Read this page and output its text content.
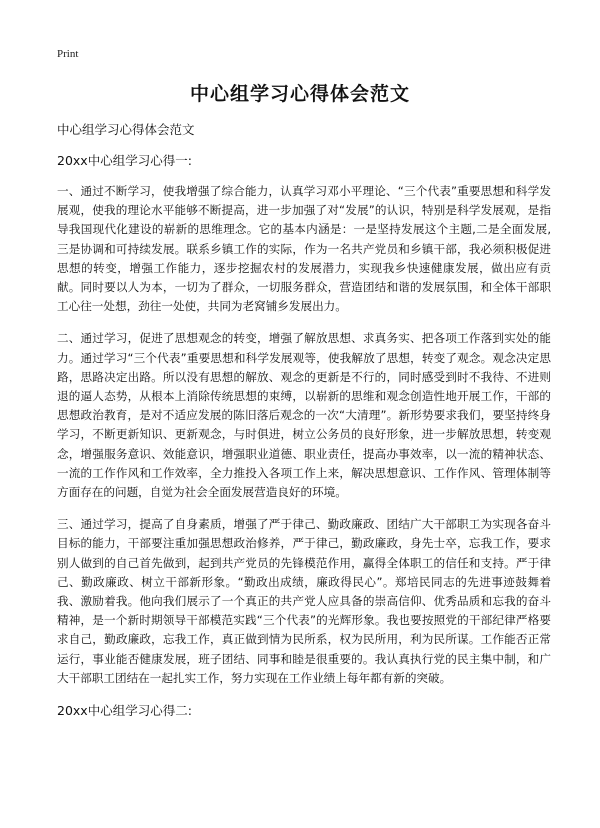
Print
中心组学习心得体会范文

中心组学习心得体会范文

20xx中心组学习心得一:

一、通过不断学习，使我增强了综合能力，认真学习邓小平理论、“三个代表”重要思想和科学发展观，使我的理论水平能够不断提高，进一步加强了对“发展”的认识，特别是科学发展观，是指导我国现代化建设的崭新的思维理念。它的基本内涵是：一是坚持发展这个主题,二是全面发展,三是协调和可持续发展。联系乡镇工作的实际，作为一名共产党员和乡镇干部，我必须积极促进思想的转变，增强工作能力，逐步挖掘农村的发展潜力，实现我乡快速健康发展，做出应有贡献。同时要以人为本，一切为了群众，一切服务群众，营造团结和谐的发展氛围，和全体干部职工心往一处想，劲往一处使，共同为老窝铺乡发展出力。

二、通过学习，促进了思想观念的转变，增强了解放思想、求真务实、把各项工作落到实处的能力。通过学习“三个代表”重要思想和科学发展观等，使我解放了思想，转变了观念。观念决定思路，思路决定出路。所以没有思想的解放、观念的更新是不行的，同时感受到时不我待、不进则退的逼人态势，从根本上消除传统思想的束缚，以崭新的思维和观念创造性地开展工作，干部的思想政治教育，是对不适应发展的陈旧落后观念的一次“大清理”。新形势要求我们，要坚持终身学习，不断更新知识、更新观念，与时俱进，树立公务员的良好形象，进一步解放思想，转变观念，增强服务意识、效能意识，增强职业道德、职业责任，提高办事效率，以一流的精神状态、一流的工作作风和工作效率，全力推投入各项工作上来，解决思想意识、工作作风、管理体制等方面存在的问题，自觉为社会全面发展营造良好的环境。

三、通过学习，提高了自身素质，增强了严于律己、勤政廉政、团结广大干部职工为实现各奋斗目标的能力，干部要注重加强思想政治修养，严于律己，勤政廉政，身先士卒，忘我工作，要求别人做到的自己首先做到，起到共产党员的先锋模范作用，赢得全体职工的信任和支持。严于律己、勤政廉政、树立干部新形象。“勤政出成绩，廉政得民心”。郑培民同志的先进事迹鼓舞着我、激励着我。他向我们展示了一个真正的共产党人应具备的崇高信仰、优秀品质和忘我的奋斗精神，是一个新时期领导干部模范实践“三个代表”的光辉形象。我也要按照党的干部纪律严格要求自己，勤政廉政，忘我工作，真正做到情为民所系，权为民所用，利为民所谋。工作能否正常运行，事业能否健康发展，班子团结、同事和睦是很重要的。我认真执行党的民主集中制，和广大干部职工团结在一起扎实工作，努力实现在工作业绩上每年都有新的突破。

20xx中心组学习心得二:
